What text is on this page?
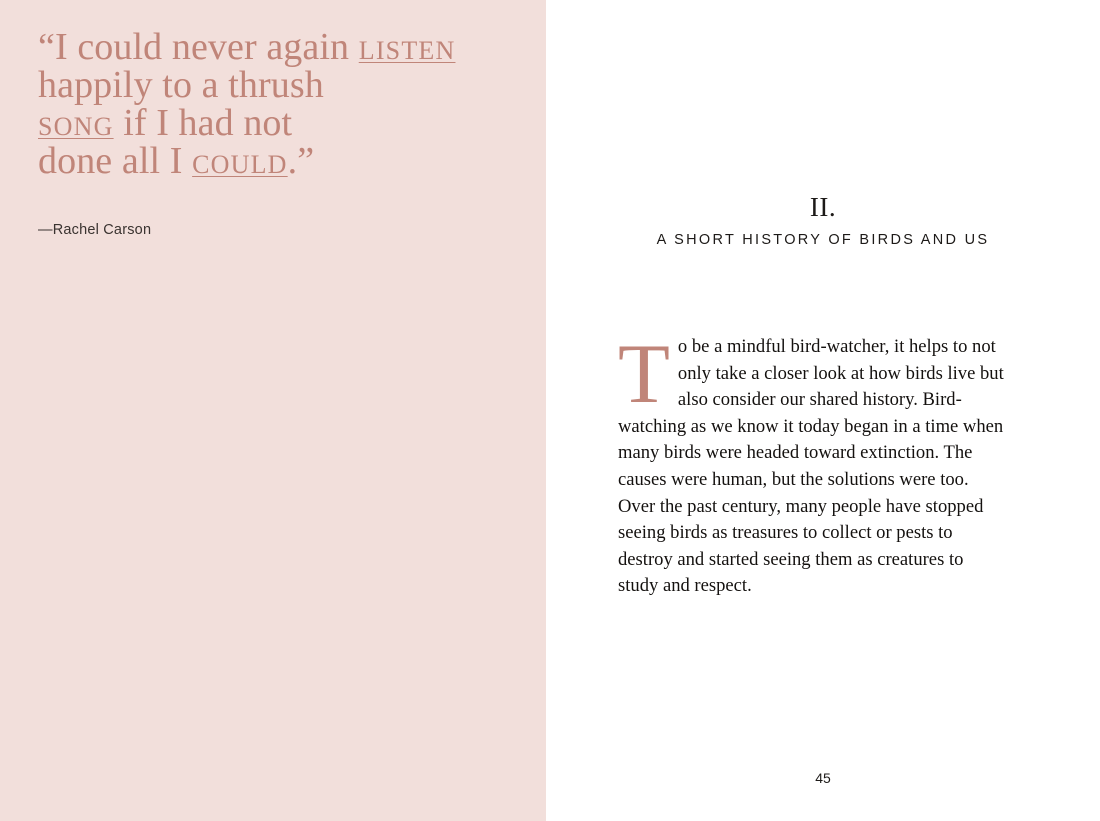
“I could never again LISTEN
happily to a thrush
SONG if I had not
done all I COULD.”
—Rachel Carson
II.
A SHORT HISTORY OF BIRDS AND US
T o be a mindful bird-watcher, it helps to not only take a closer look at how birds live but also consider our shared history. Bird-watching as we know it today began in a time when many birds were headed toward extinction. The causes were human, but the solutions were too. Over the past century, many people have stopped seeing birds as treasures to collect or pests to destroy and started seeing them as creatures to study and respect.

45
